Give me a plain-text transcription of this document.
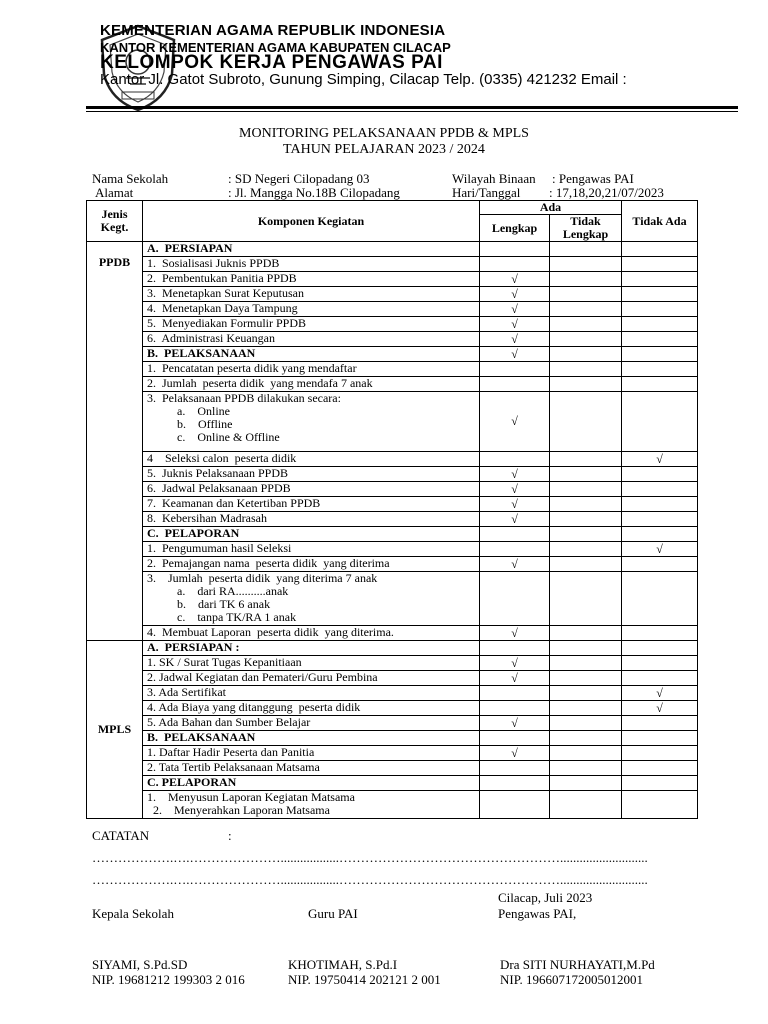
KEMENTERIAN AGAMA REPUBLIK INDONESIA
KANTOR KEMENTERIAN AGAMA KABUPATEN CILACAP
KELOMPOK KERJA PENGAWAS PAI
Kantor Jl. Gatot Subroto, Gunung Simping, Cilacap Telp. (0335) 421232 Email :
MONITORING PELAKSANAAN PPDB & MPLS
TAHUN PELAJARAN 2023 / 2024
Nama Sekolah	: SD Negeri Cilopadang 03
Alamat	: Jl. Mangga No.18B Cilopadang
Wilayah Binaan : Pengawas PAI
Hari/Tanggal : 17,18,20,21/07/2023
Jenis Kegt.	Komponen Kegiatan	Ada		Tidak Ada
		Lengkap	Tidak Lengkap	
PPDB	A.  PERSIAPAN			

	1.  Sosialisasi Juknis PPDB			

	2.  Pembentukan Panitia PPDB	√		

	3.  Menetapkan Surat Keputusan	√		

	4.  Menetapkan Daya Tampung	√		

	5.  Menyediakan Formulir PPDB	√		

	6.  Administrasi Keuangan	√		

	B.  PELAKSANAAN	√		

	1.  Pencatatan peserta didik yang mendaftar			

	2.  Jumlah  peserta didik  yang mendafa 7 anak			

	3.  Pelaksanaan PPDB dilakukan secara:
a.    Online
b.    Offline
c.    Online & Offline	√		

	4    Seleksi calon  peserta didik			√

	5.  Juknis Pelaksanaan PPDB	√		

	6.  Jadwal Pelaksanaan PPDB	√		

	7.  Keamanan dan Ketertiban PPDB	√		

	8.  Kebersihan Madrasah	√		

	C.  PELAPORAN			

	1.  Pengumuman hasil Seleksi			√

	2.  Pemajangan nama  peserta didik  yang diterima	√		

	3.    Jumlah  peserta didik  yang diterima 7 anak
a.    dari RA..........anak
b.    dari TK 6 anak
c.    tanpa TK/RA 1 anak			

	4.  Membuat Laporan  peserta didik  yang diterima.	√		
MPLS	A.  PERSIAPAN :			

	1. SK / Surat Tugas Kepanitiaan	√		

	2. Jadwal Kegiatan dan Pemateri/Guru Pembina	√		

	3. Ada Sertifikat			√

	4. Ada Biaya yang ditanggung  peserta didik			√

	5. Ada Bahan dan Sumber Belajar	√		

	B.  PELAKSANAAN			

	1. Daftar Hadir Peserta dan Panitia	√		

	2. Tata Tertib Pelaksanaan Matsama			

	C. PELAPORAN			

	1.    Menyusun Laporan Kegiatan Matsama
2.    Menyerahkan Laporan Matsama			

CATATAN	:
……………….….…………………..................……………………………………………...........................
……………….….…………………..................……………………………………………...........................
Cilacap, Juli 2023
Kepala Sekolah	Guru PAI	Pengawas PAI,
SIYAMI, S.Pd.SD
NIP. 19681212 199303 2 016
KHOTIMAH, S.Pd.I
NIP. 19750414 202121 2 001
Dra SITI NURHAYATI,M.Pd
NIP. 196607172005012001
